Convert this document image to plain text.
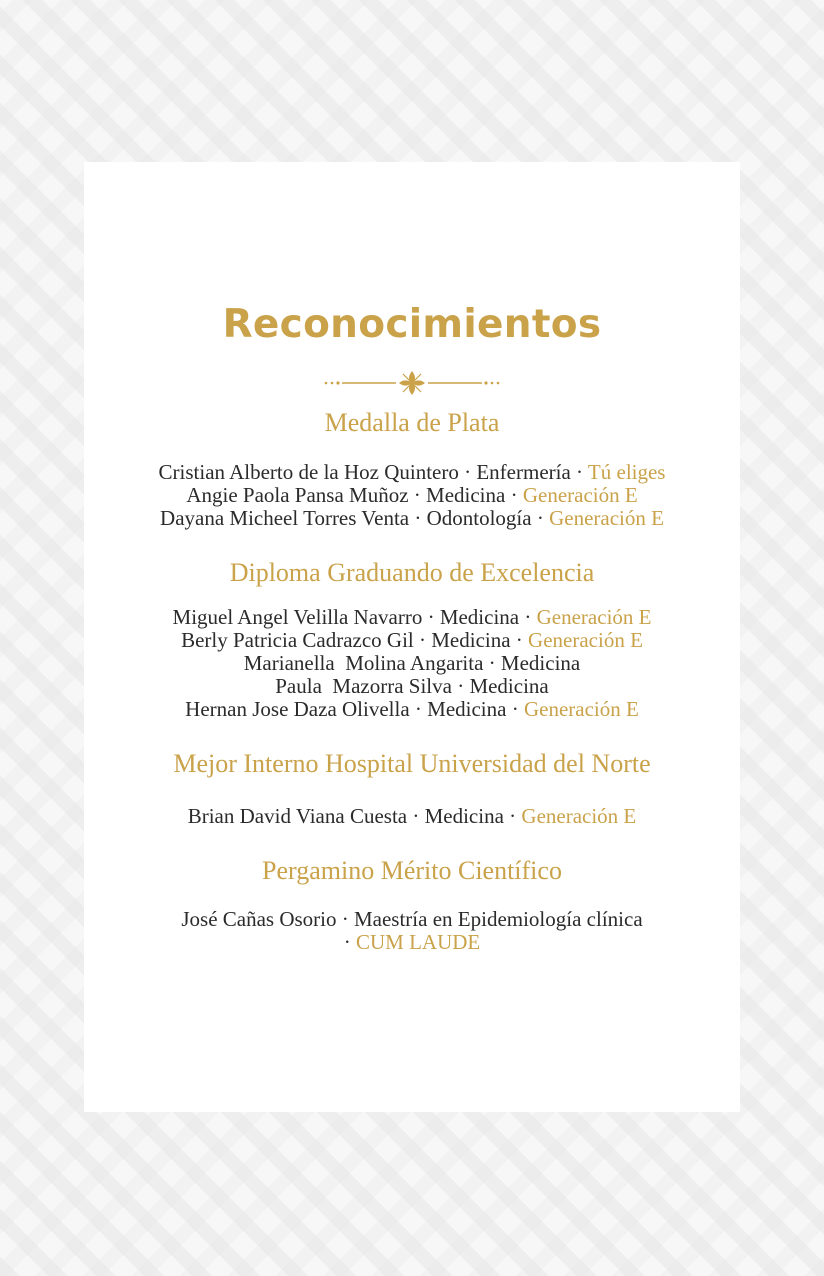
Reconocimientos
Medalla de Plata
Cristian Alberto de la Hoz Quintero · Enfermería · Tú eliges
Angie Paola Pansa Muñoz · Medicina · Generación E
Dayana Micheel Torres Venta · Odontología · Generación E
Diploma Graduando de Excelencia
Miguel Angel Velilla Navarro · Medicina · Generación E
Berly Patricia Cadrazco Gil · Medicina · Generación E
Marianella  Molina Angarita · Medicina
Paula  Mazorra Silva · Medicina
Hernan Jose Daza Olivella · Medicina · Generación E
Mejor Interno Hospital Universidad del Norte
Brian David Viana Cuesta · Medicina · Generación E
Pergamino Mérito Científico
José Cañas Osorio · Maestría en Epidemiología clínica
· CUM LAUDE
